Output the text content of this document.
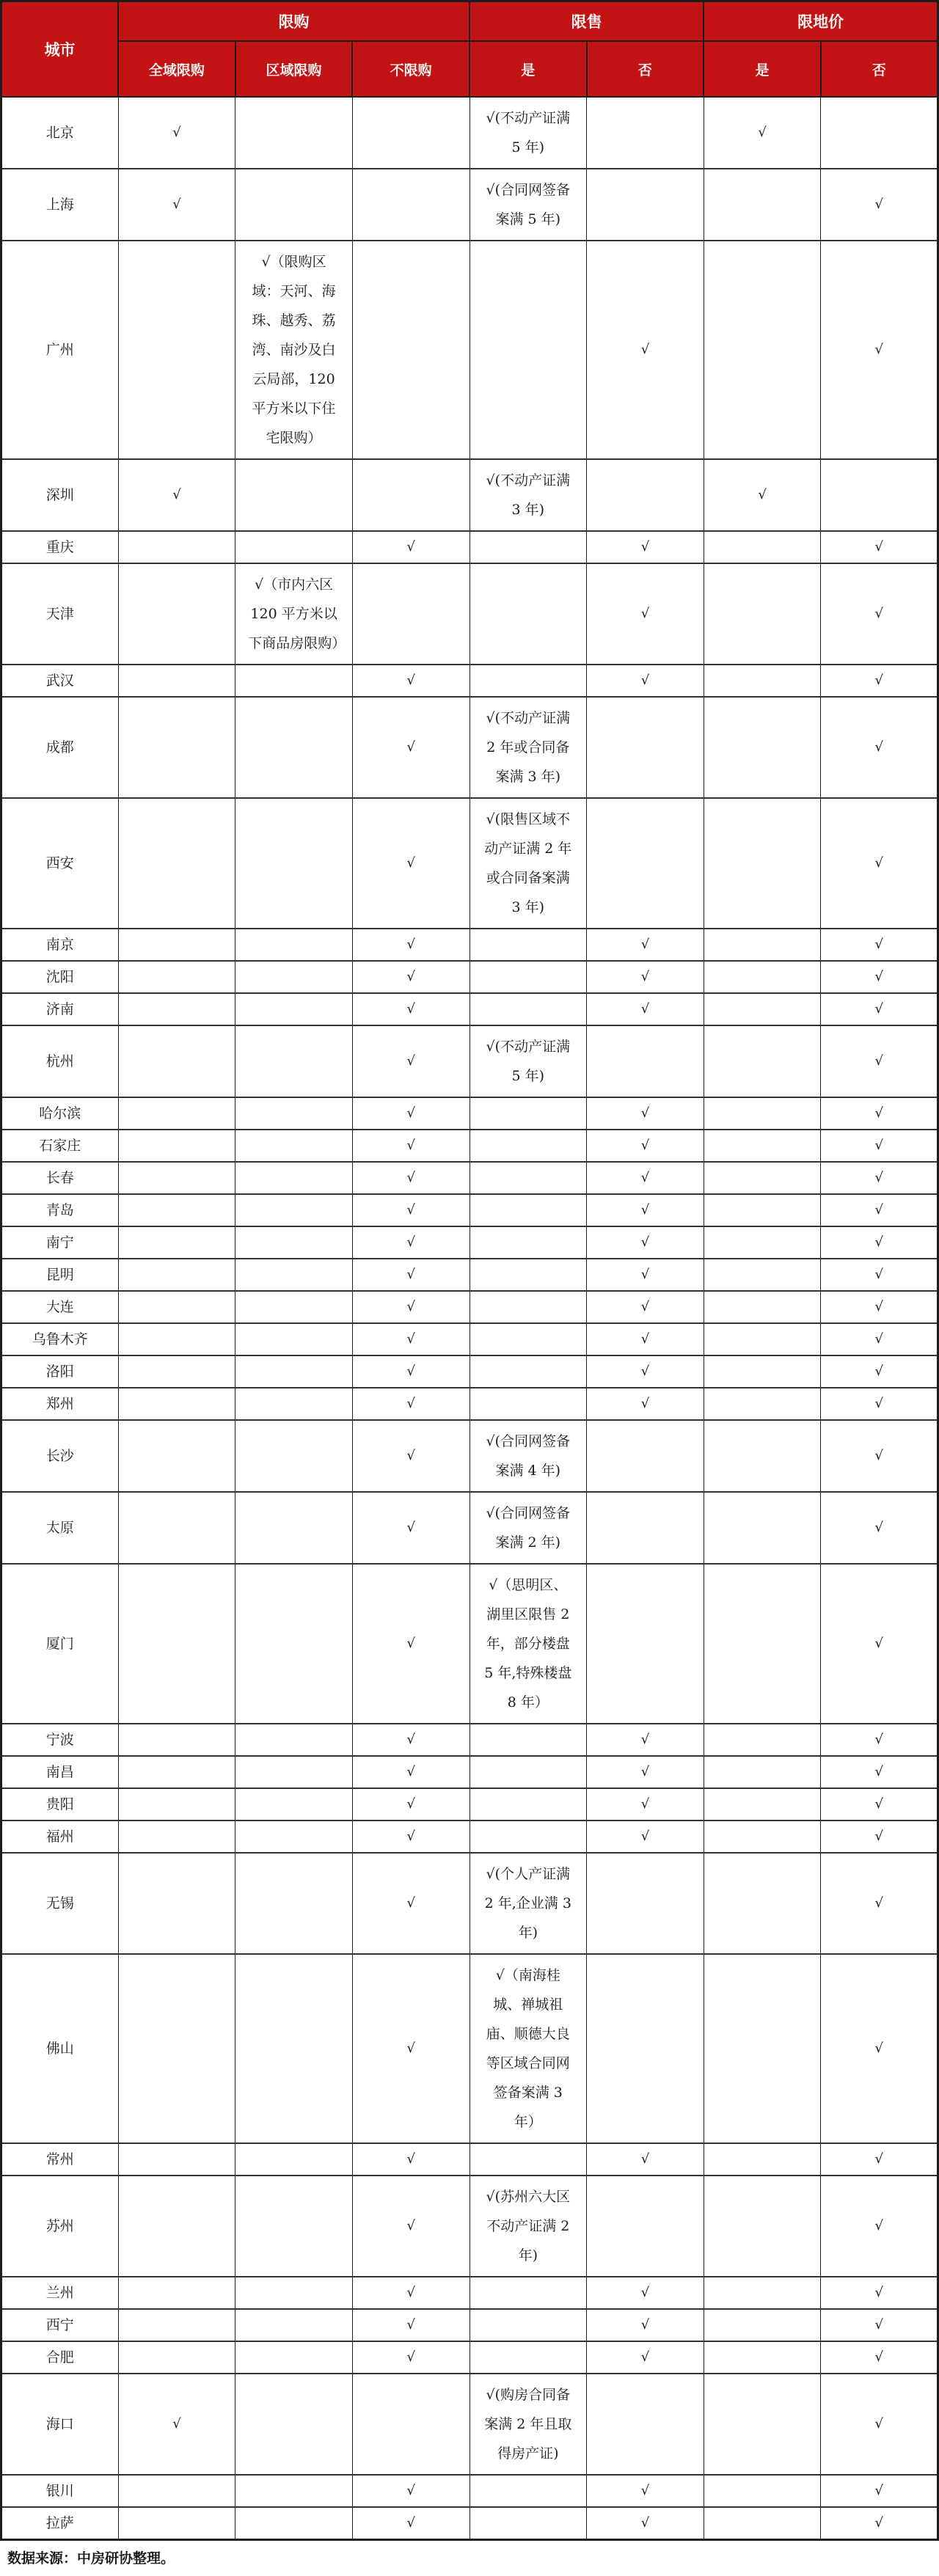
城市	限购			限售		限地价	
	全域限购	区域限购	不限购	是	否	是	否
北京	√			√(不动产证满 5 年)		√	
上海	√			√(合同网签备案满 5 年)			√
广州		√（限购区域：天河、海珠、越秀、荔湾、南沙及白云局部，120 平方米以下住宅限购）			√		√
深圳	√			√(不动产证满 3 年)		√	
重庆			√		√		√
天津		√（市内六区 120 平方米以下商品房限购）			√		√
武汉			√		√		√
成都			√	√(不动产证满 2 年或合同备案满 3 年)			√
西安			√	√(限售区域不动产证满 2 年或合同备案满 3 年)			√
南京			√		√		√
沈阳			√		√		√
济南			√		√		√
杭州			√	√(不动产证满 5 年)			√
哈尔滨			√		√		√
石家庄			√		√		√
长春			√		√		√
青岛			√		√		√
南宁			√		√		√
昆明			√		√		√
大连			√		√		√
乌鲁木齐			√		√		√
洛阳			√		√		√
郑州			√		√		√
长沙			√	√(合同网签备案满 4 年)			√
太原			√	√(合同网签备案满 2 年)			√
厦门			√	√（思明区、湖里区限售 2 年，部分楼盘 5 年,特殊楼盘 8 年）			√
宁波			√		√		√
南昌			√		√		√
贵阳			√		√		√
福州			√		√		√
无锡			√	√(个人产证满 2 年,企业满 3 年)			√
佛山			√	√（南海桂城、禅城祖庙、顺德大良等区域合同网签备案满 3 年）			√
常州			√		√		√
苏州			√	√(苏州六大区不动产证满 2 年)			√
兰州			√		√		√
西宁			√		√		√
合肥			√		√		√
海口	√			√(购房合同备案满 2 年且取得房产证)			√
银川			√		√		√
拉萨			√		√		√
数据来源：中房研协整理。
